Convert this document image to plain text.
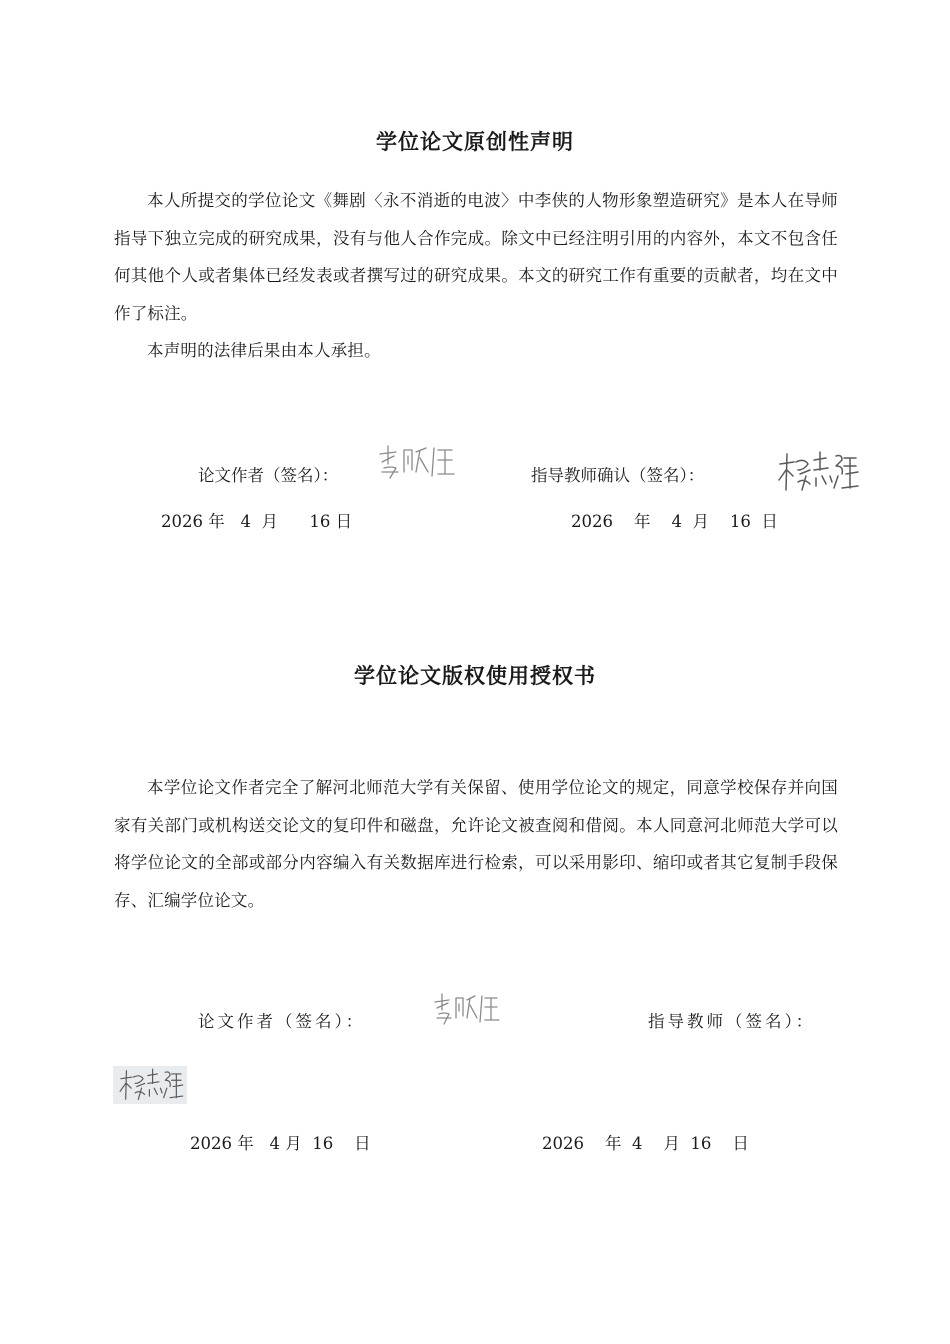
学位论文原创性声明

本人所提交的学位论文《舞剧〈永不消逝的电波〉中李侠的人物形象塑造研究》是本人在导师指导下独立完成的研究成果，没有与他人合作完成。除文中已经注明引用的内容外，本文不包含任何其他个人或者集体已经发表或者撰写过的研究成果。本文的研究工作有重要的贡献者，均在文中作了标注。

本声明的法律后果由本人承担。

论文作者（签名）：	指导教师确认（签名）：

2026 年   4  月      16 日	2026    年    4  月    16  日

学位论文版权使用授权书

本学位论文作者完全了解河北师范大学有关保留、使用学位论文的规定，同意学校保存并向国家有关部门或机构送交论文的复印件和磁盘，允许论文被查阅和借阅。本人同意河北师范大学可以将学位论文的全部或部分内容编入有关数据库进行检索，可以采用影印、缩印或者其它复制手段保存、汇编学位论文。

论文作者（签名）：	指导教师（签名）：

2026 年   4 月  16    日	2026    年  4    月  16    日
